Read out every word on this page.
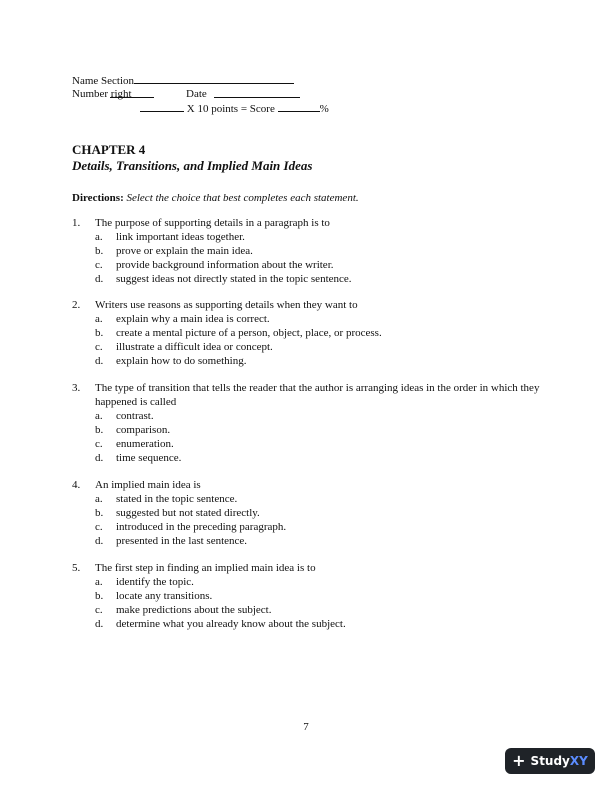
Name Section
Number right	Date
X 10 points = Score	%
CHAPTER 4
Details, Transitions, and Implied Main Ideas
Directions: Select the choice that best completes each statement.
1. The purpose of supporting details in a paragraph is to
a. link important ideas together.
b. prove or explain the main idea.
c. provide background information about the writer.
d. suggest ideas not directly stated in the topic sentence.
2. Writers use reasons as supporting details when they want to
a. explain why a main idea is correct.
b. create a mental picture of a person, object, place, or process.
c. illustrate a difficult idea or concept.
d. explain how to do something.
3. The type of transition that tells the reader that the author is arranging ideas in the order in which they happened is called
a. contrast.
b. comparison.
c. enumeration.
d. time sequence.
4. An implied main idea is
a. stated in the topic sentence.
b. suggested but not stated directly.
c. introduced in the preceding paragraph.
d. presented in the last sentence.
5. The first step in finding an implied main idea is to
a. identify the topic.
b. locate any transitions.
c. make predictions about the subject.
d. determine what you already know about the subject.
7
+ StudyXY
